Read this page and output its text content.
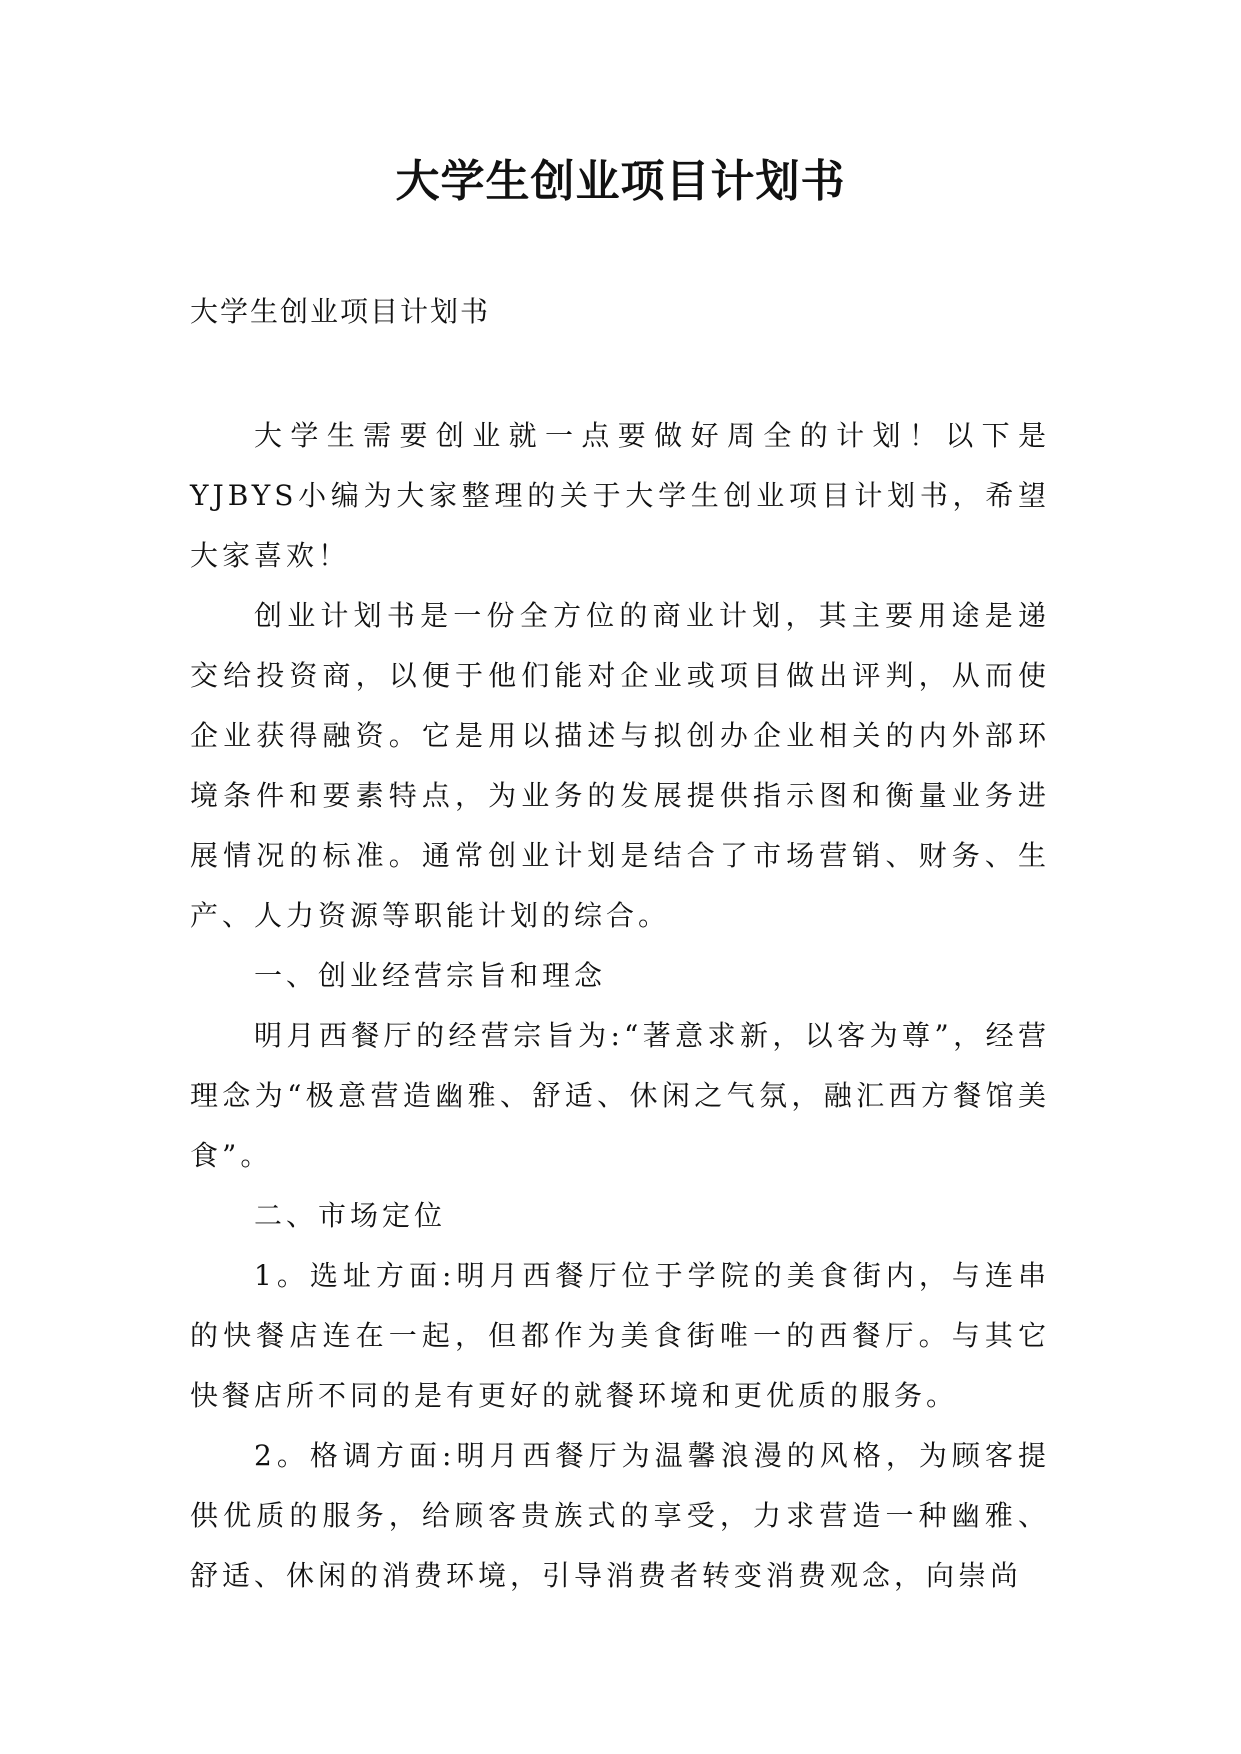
大学生创业项目计划书

大学生创业项目计划书

大学生需要创业就一点要做好周全的计划！以下是YJBYS小编为大家整理的关于大学生创业项目计划书，希望大家喜欢！

创业计划书是一份全方位的商业计划，其主要用途是递交给投资商，以便于他们能对企业或项目做出评判，从而使企业获得融资。它是用以描述与拟创办企业相关的内外部环境条件和要素特点，为业务的发展提供指示图和衡量业务进展情况的标准。通常创业计划是结合了市场营销、财务、生产、人力资源等职能计划的综合。

一、创业经营宗旨和理念

明月西餐厅的经营宗旨为:“著意求新，以客为尊”，经营理念为“极意营造幽雅、舒适、休闲之气氛，融汇西方餐馆美食”。

二、市场定位

1。选址方面:明月西餐厅位于学院的美食街内，与连串的快餐店连在一起，但都作为美食街唯一的西餐厅。与其它快餐店所不同的是有更好的就餐环境和更优质的服务。

2。格调方面:明月西餐厅为温馨浪漫的风格，为顾客提供优质的服务，给顾客贵族式的享受，力求营造一种幽雅、舒适、休闲的消费环境，引导消费者转变消费观念，向崇尚
